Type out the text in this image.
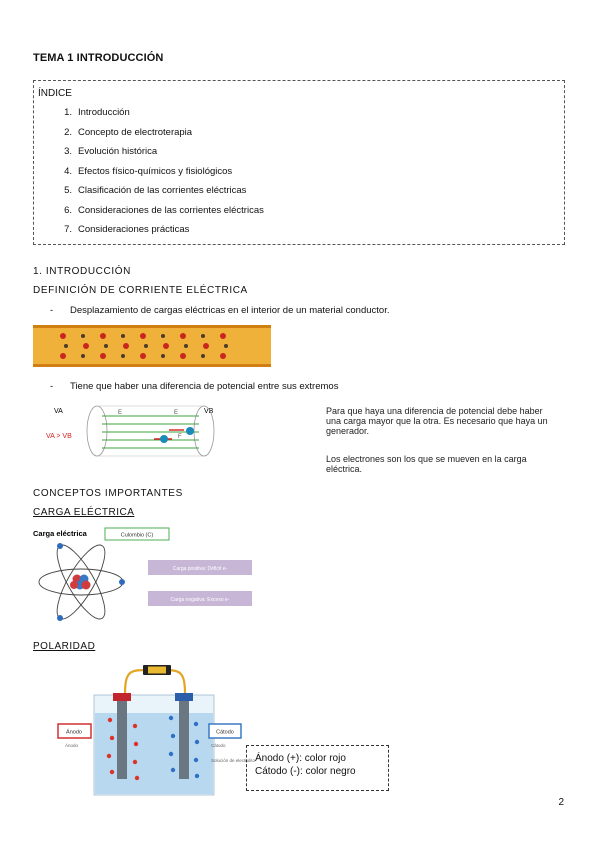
TEMA 1 INTRODUCCIÓN
ÍNDICE
1. Introducción
2. Concepto de electroterapia
3. Evolución histórica
4. Efectos físico-químicos y fisiológicos
5. Clasificación de las corrientes eléctricas
6. Consideraciones de las corrientes eléctricas
7. Consideraciones prácticas
1. INTRODUCCIÓN
DEFINICIÓN DE CORRIENTE ELÉCTRICA
- Desplazamiento de cargas eléctricas en el interior de un material conductor.
- Tiene que haber una diferencia de potencial entre sus extremos
VA	VB
VA > VB
E	E
F
Para que haya una diferencia de potencial debe haber una carga mayor que la otra. Es necesario que haya un generador.
Los electrones son los que se mueven en la carga eléctrica.
CONCEPTOS IMPORTANTES
CARGA ELÉCTRICA
Carga eléctrica	Culombio (C)
Carga positiva: Déficit e-
Carga negativa: Exceso e-
POLARIDAD
Ánodo
Ánodo
Cátodo
Cátodo
Solución de electrolito Ánodo (+): color rojo
Cátodo (-): color negro
2
